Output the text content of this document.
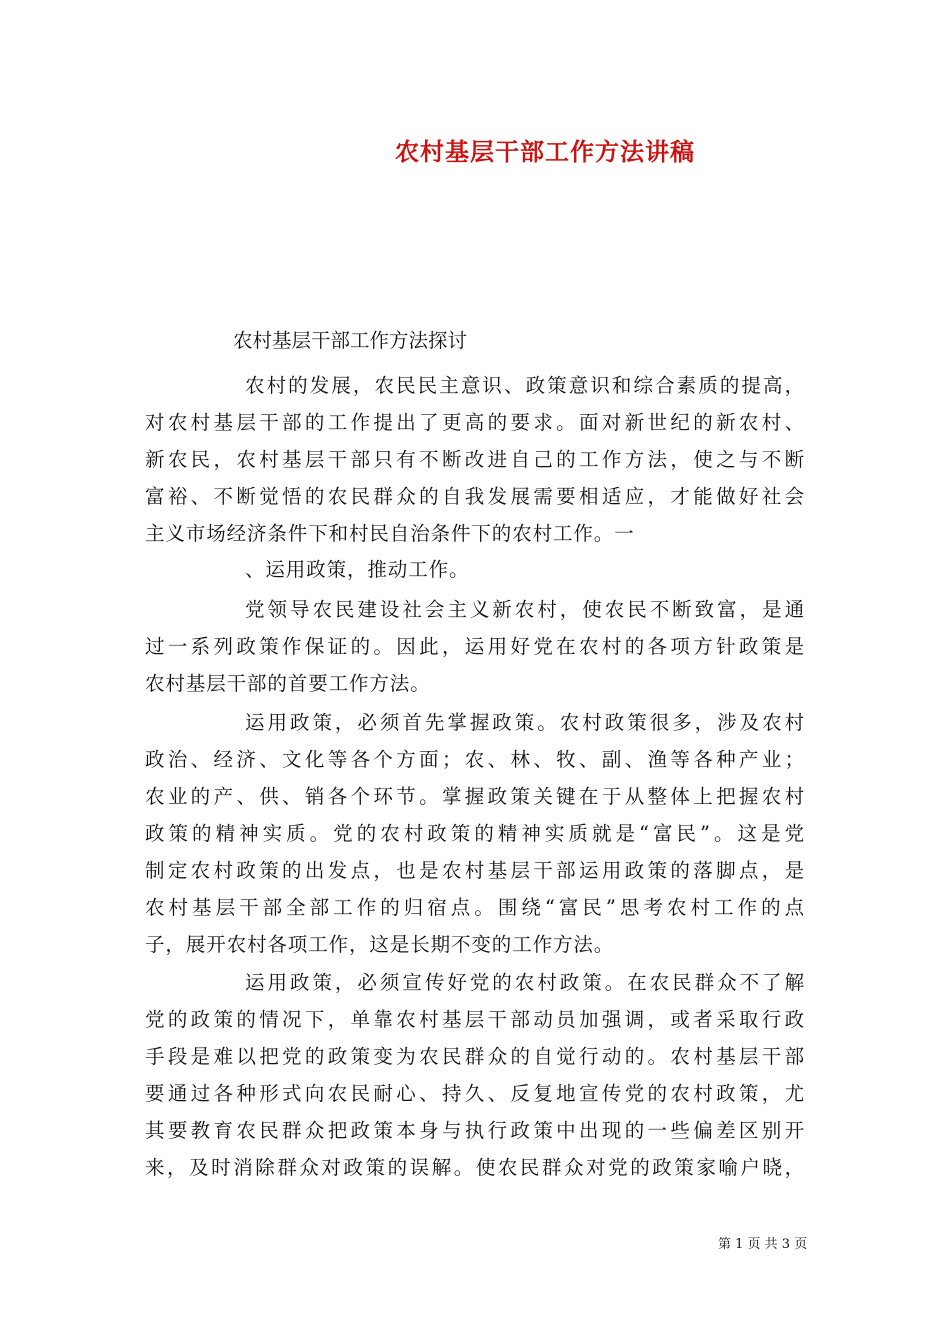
农村基层干部工作方法讲稿
农村基层干部工作方法探讨
农村的发展，农民民主意识、政策意识和综合素质的提高，
对农村基层干部的工作提出了更高的要求。面对新世纪的新农村、
新农民，农村基层干部只有不断改进自己的工作方法，使之与不断
富裕、不断觉悟的农民群众的自我发展需要相适应，才能做好社会
主义市场经济条件下和村民自治条件下的农村工作。一
、运用政策，推动工作。
党领导农民建设社会主义新农村，使农民不断致富，是通
过一系列政策作保证的。因此，运用好党在农村的各项方针政策是
农村基层干部的首要工作方法。
运用政策，必须首先掌握政策。农村政策很多，涉及农村
政治、经济、文化等各个方面；农、林、牧、副、渔等各种产业；
农业的产、供、销各个环节。掌握政策关键在于从整体上把握农村
政策的精神实质。党的农村政策的精神实质就是“富民”。这是党
制定农村政策的出发点，也是农村基层干部运用政策的落脚点，是
农村基层干部全部工作的归宿点。围绕“富民”思考农村工作的点
子，展开农村各项工作，这是长期不变的工作方法。
运用政策，必须宣传好党的农村政策。在农民群众不了解
党的政策的情况下，单靠农村基层干部动员加强调，或者采取行政
手段是难以把党的政策变为农民群众的自觉行动的。农村基层干部
要通过各种形式向农民耐心、持久、反复地宣传党的农村政策，尤
其要教育农民群众把政策本身与执行政策中出现的一些偏差区别开
来，及时消除群众对政策的误解。使农民群众对党的政策家喻户晓，
第 1 页 共 3 页
